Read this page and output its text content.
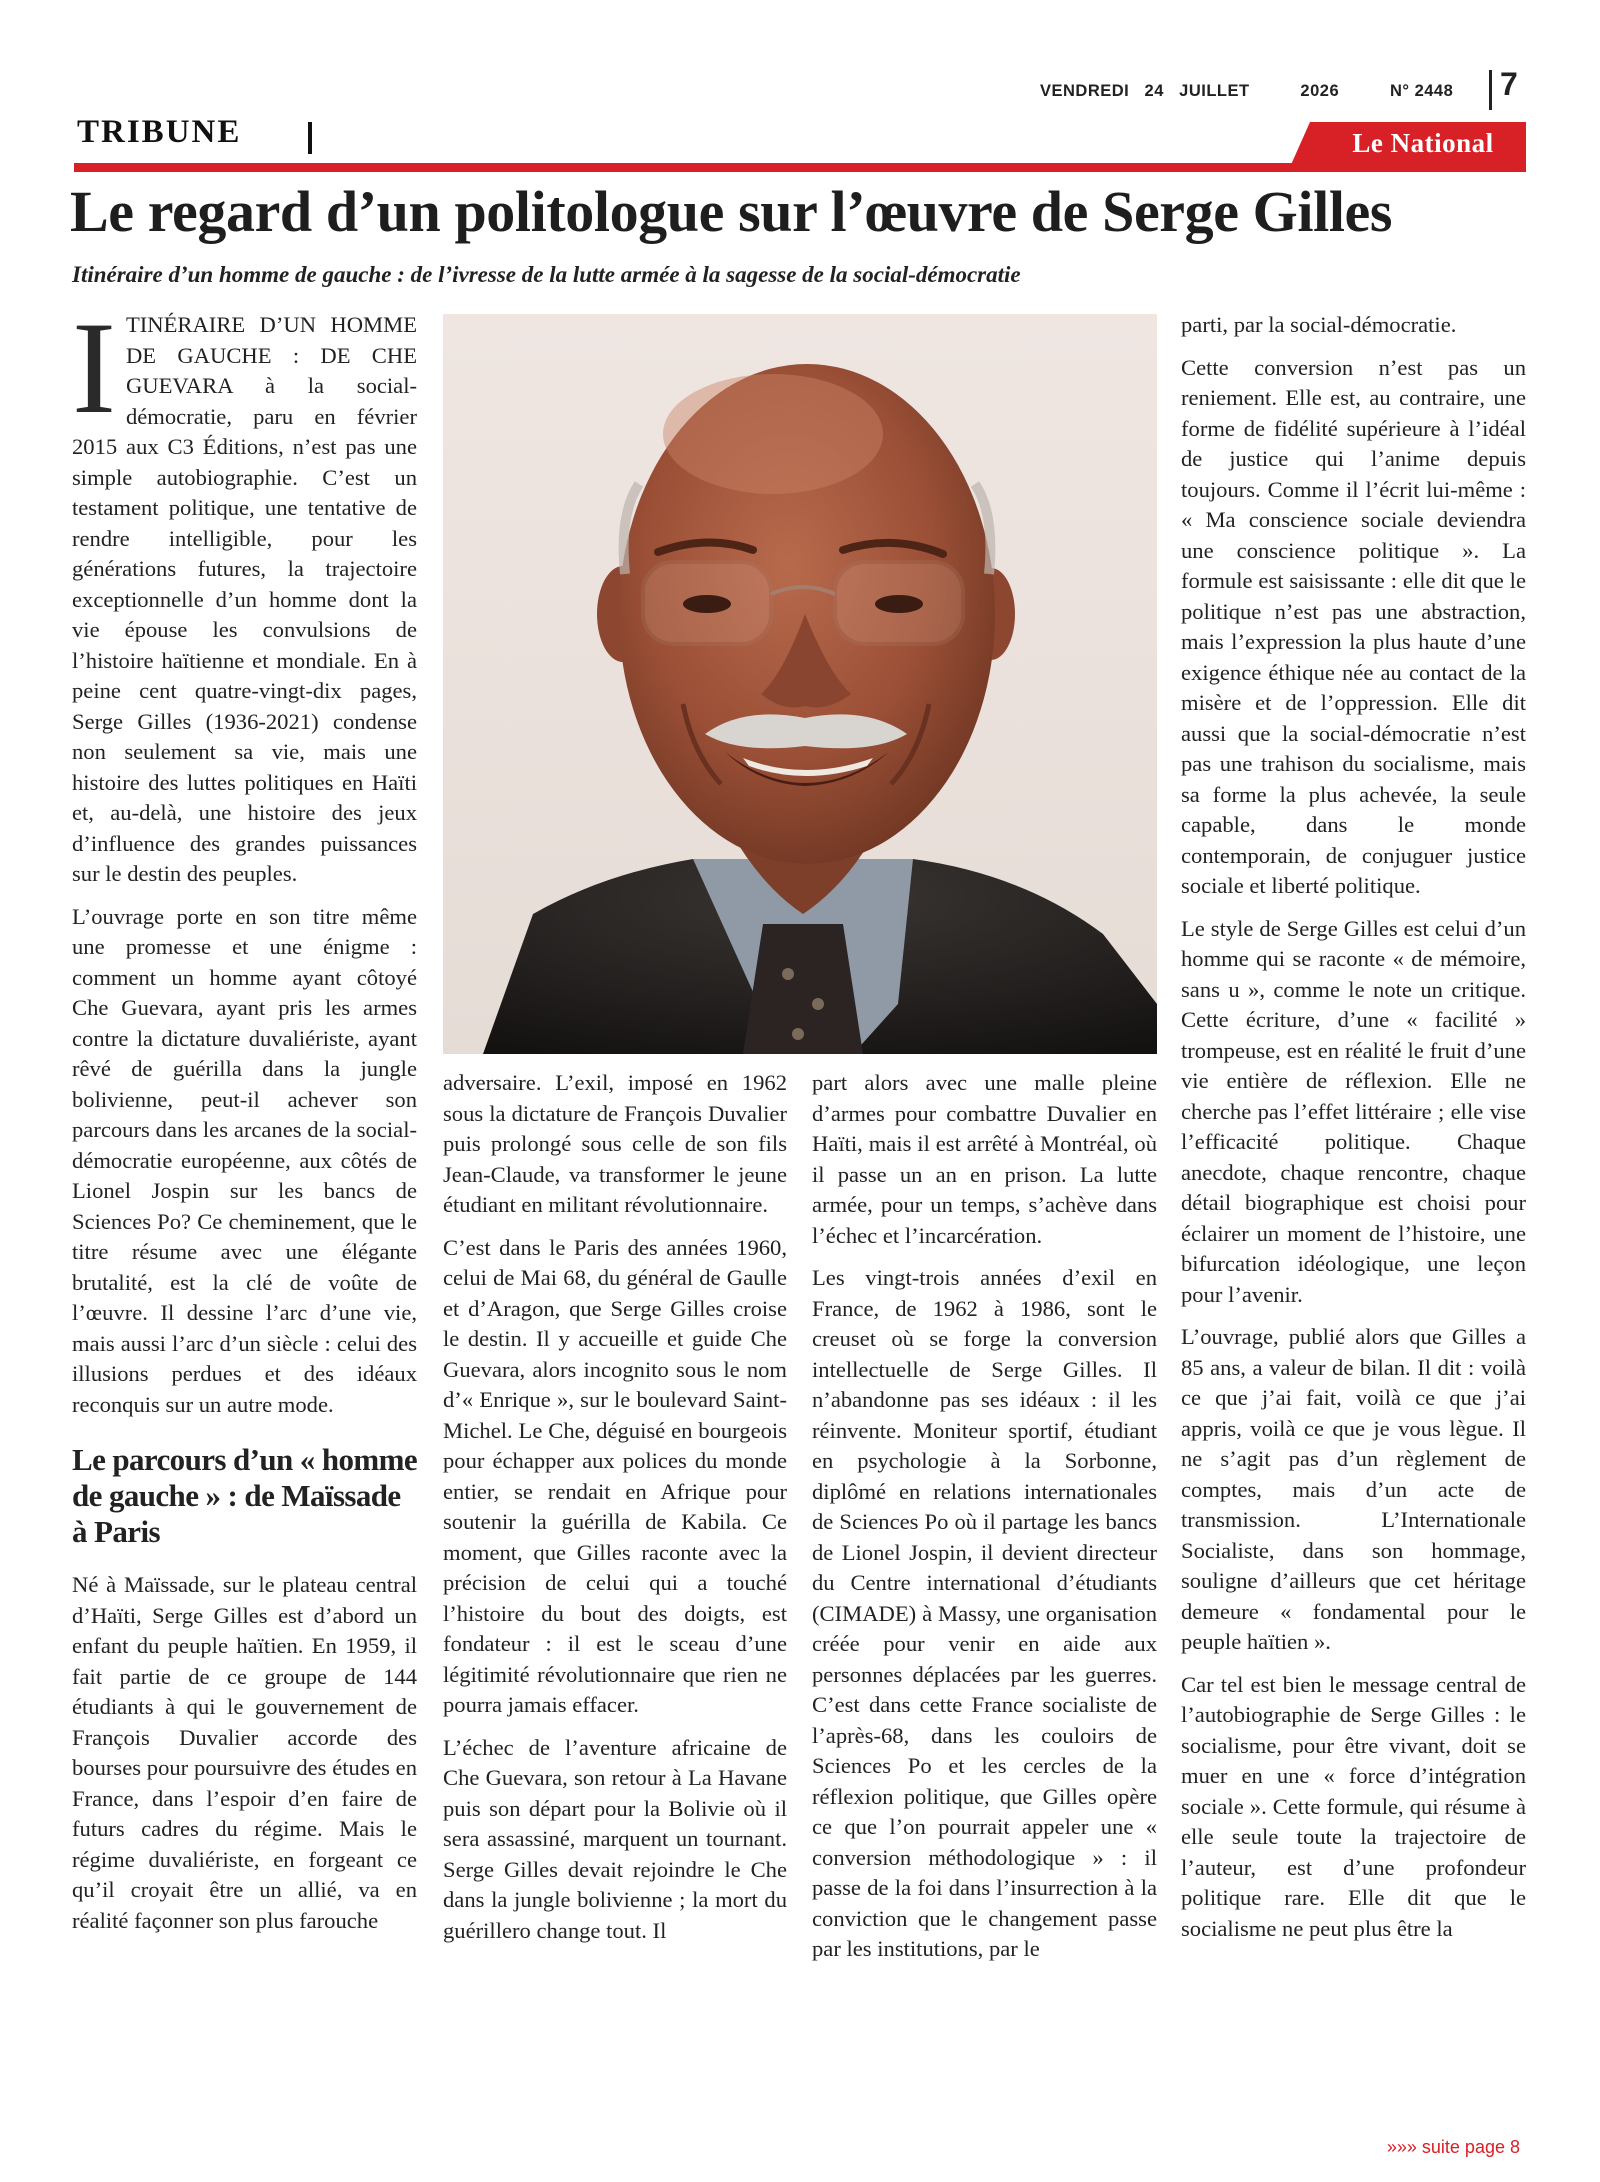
VENDREDI
24
JUILLET
	2026
	N° 2448 7
TRIBUNE	Le National
Le regard d’un politologue sur l’œuvre de Serge Gilles
Itinéraire d’un homme de gauche : de l’ivresse de la lutte armée à la sagesse de la social-démocratie

ITINÉRAIRE D’UN HOMME DE GAUCHE : DE CHE GUEVARA à la social-démocratie, paru en février 2015 aux C3 Éditions, n’est pas une simple autobiographie. C’est un testament politique, une tentative de rendre intelligible, pour les générations futures, la trajectoire exceptionnelle d’un homme dont la vie épouse les convulsions de l’histoire haïtienne et mondiale. En à peine cent quatre-vingt-dix pages, Serge Gilles (1936-2021) condense non seulement sa vie, mais une histoire des luttes politiques en Haïti et, au-delà, une histoire des jeux d’influence des grandes puissances sur le destin des peuples.

L’ouvrage porte en son titre même une promesse et une énigme : comment un homme ayant côtoyé Che Guevara, ayant pris les armes contre la dictature duvaliériste, ayant rêvé de guérilla dans la jungle bolivienne, peut-il achever son parcours dans les arcanes de la social-démocratie européenne, aux côtés de Lionel Jospin sur les bancs de Sciences Po? Ce cheminement, que le titre résume avec une élégante brutalité, est la clé de voûte de l’œuvre. Il dessine l’arc d’une vie, mais aussi l’arc d’un siècle : celui des illusions perdues et des idéaux reconquis sur un autre mode.

Le parcours d’un « homme de gauche » : de Maïssade à Paris

Né à Maïssade, sur le plateau central d’Haïti, Serge Gilles est d’abord un enfant du peuple haïtien. En 1959, il fait partie de ce groupe de 144 étudiants à qui le gouvernement de François Duvalier accorde des bourses pour poursuivre des études en France, dans l’espoir d’en faire de futurs cadres du régime. Mais le régime duvaliériste, en forgeant ce qu’il croyait être un allié, va en réalité façonner son plus farouche

adversaire. L’exil, imposé en 1962 sous la dictature de François Duvalier puis prolongé sous celle de son fils Jean-Claude, va transformer le jeune étudiant en militant révolutionnaire.

C’est dans le Paris des années 1960, celui de Mai 68, du général de Gaulle et d’Aragon, que Serge Gilles croise le destin. Il y accueille et guide Che Guevara, alors incognito sous le nom d’« Enrique », sur le boulevard Saint-Michel. Le Che, déguisé en bourgeois pour échapper aux polices du monde entier, se rendait en Afrique pour soutenir la guérilla de Kabila. Ce moment, que Gilles raconte avec la précision de celui qui a touché l’histoire du bout des doigts, est fondateur : il est le sceau d’une légitimité révolutionnaire que rien ne pourra jamais effacer.

L’échec de l’aventure africaine de Che Guevara, son retour à La Havane puis son départ pour la Bolivie où il sera assassiné, marquent un tournant. Serge Gilles devait rejoindre le Che dans la jungle bolivienne ; la mort du guérillero change tout. Il

part alors avec une malle pleine d’armes pour combattre Duvalier en Haïti, mais il est arrêté à Montréal, où il passe un an en prison. La lutte armée, pour un temps, s’achève dans l’échec et l’incarcération.

Les vingt-trois années d’exil en France, de 1962 à 1986, sont le creuset où se forge la conversion intellectuelle de Serge Gilles. Il n’abandonne pas ses idéaux : il les réinvente. Moniteur sportif, étudiant en psychologie à la Sorbonne, diplômé en relations internationales de Sciences Po où il partage les bancs de Lionel Jospin, il devient directeur du Centre international d’étudiants (CIMADE) à Massy, une organisation créée pour venir en aide aux personnes déplacées par les guerres. C’est dans cette France socialiste de l’après-68, dans les couloirs de Sciences Po et les cercles de la réflexion politique, que Gilles opère ce que l’on pourrait appeler une « conversion méthodologique » : il passe de la foi dans l’insurrection à la conviction que le changement passe par les institutions, par le

parti, par la social-démocratie.

Cette conversion n’est pas un reniement. Elle est, au contraire, une forme de fidélité supérieure à l’idéal de justice qui l’anime depuis toujours. Comme il l’écrit lui-même : « Ma conscience sociale deviendra une conscience politique ». La formule est saisissante : elle dit que le politique n’est pas une abstraction, mais l’expression la plus haute d’une exigence éthique née au contact de la misère et de l’oppression. Elle dit aussi que la social-démocratie n’est pas une trahison du socialisme, mais sa forme la plus achevée, la seule capable, dans le monde contemporain, de conjuguer justice sociale et liberté politique.

Le style de Serge Gilles est celui d’un homme qui se raconte « de mémoire, sans u », comme le note un critique. Cette écriture, d’une « facilité » trompeuse, est en réalité le fruit d’une vie entière de réflexion. Elle ne cherche pas l’effet littéraire ; elle vise l’efficacité politique. Chaque anecdote, chaque rencontre, chaque détail biographique est choisi pour éclairer un moment de l’histoire, une bifurcation idéologique, une leçon pour l’avenir.

L’ouvrage, publié alors que Gilles a 85 ans, a valeur de bilan. Il dit : voilà ce que j’ai fait, voilà ce que j’ai appris, voilà ce que je vous lègue. Il ne s’agit pas d’un règlement de comptes, mais d’un acte de transmission. L’Internationale Socialiste, dans son hommage, souligne d’ailleurs que cet héritage demeure « fondamental pour le peuple haïtien ».

Car tel est bien le message central de l’autobiographie de Serge Gilles : le socialisme, pour être vivant, doit se muer en une « force d’intégration sociale ». Cette formule, qui résume à elle seule toute la trajectoire de l’auteur, est d’une profondeur politique rare. Elle dit que le socialisme ne peut plus être la

»»» suite page 8
